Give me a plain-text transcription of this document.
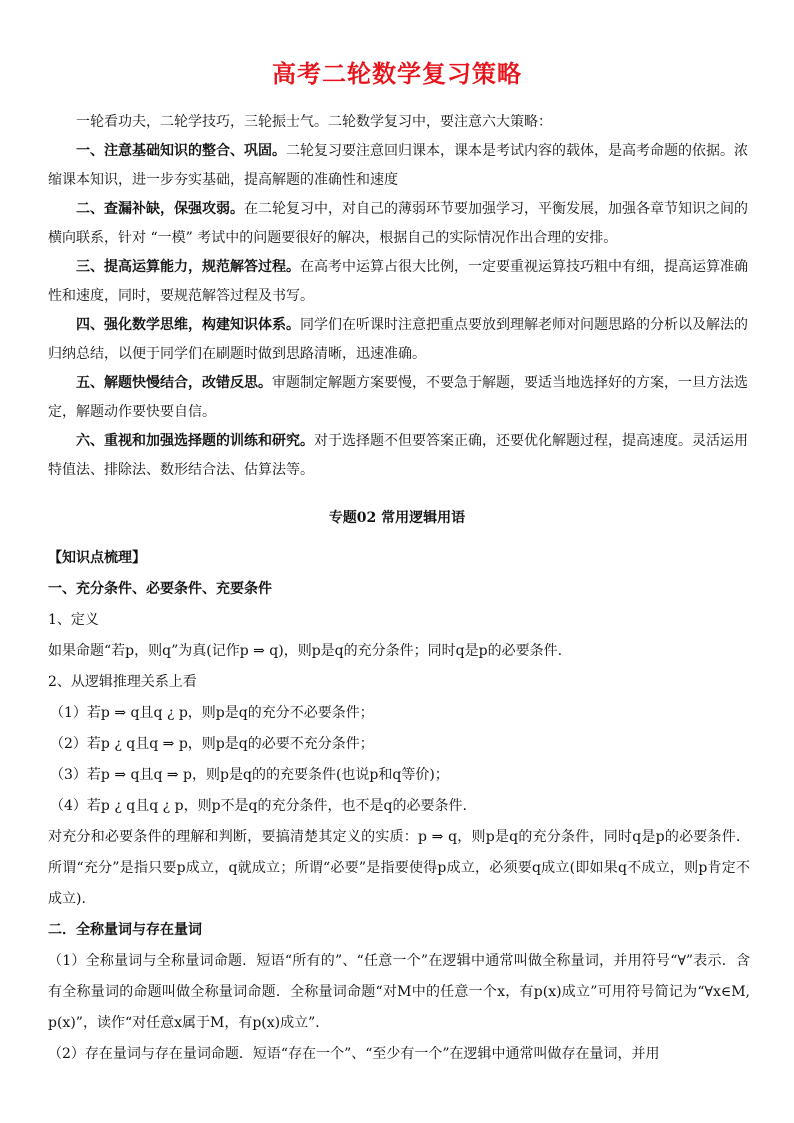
高考二轮数学复习策略

一轮看功夫，二轮学技巧，三轮振士气。二轮数学复习中，要注意六大策略：

一、注意基础知识的整合、巩固。二轮复习要注意回归课本，课本是考试内容的载体，是高考命题的依据。浓缩课本知识，进一步夯实基础，提高解题的准确性和速度

二、查漏补缺，保强攻弱。在二轮复习中，对自己的薄弱环节要加强学习，平衡发展，加强各章节知识之间的横向联系，针对 “一模” 考试中的问题要很好的解决，根据自己的实际情况作出合理的安排。

三、提高运算能力，规范解答过程。在高考中运算占很大比例，一定要重视运算技巧粗中有细，提高运算准确性和速度，同时，要规范解答过程及书写。

四、强化数学思维，构建知识体系。同学们在听课时注意把重点要放到理解老师对问题思路的分析以及解法的归纳总结，以便于同学们在刷题时做到思路清晰，迅速准确。

五、解题快慢结合，改错反思。审题制定解题方案要慢，不要急于解题，要适当地选择好的方案，一旦方法选定，解题动作要快要自信。

六、重视和加强选择题的训练和研究。对于选择题不但要答案正确，还要优化解题过程，提高速度。灵活运用特值法、排除法、数形结合法、估算法等。

专题02 常用逻辑用语

【知识点梳理】

一、充分条件、必要条件、充要条件

1、定义

如果命题“若p，则q”为真(记作p ⇒ q)，则p是q的充分条件；同时q是p的必要条件.

2、从逻辑推理关系上看

（1）若p ⇒ q且q ¿ p，则p是q的充分不必要条件；

（2）若p ¿ q且q ⇒ p，则p是q的必要不充分条件；

（3）若p ⇒ q且q ⇒ p，则p是q的的充要条件(也说p和q等价)；

（4）若p ¿ q且q ¿ p，则p不是q的充分条件，也不是q的必要条件.

对充分和必要条件的理解和判断，要搞清楚其定义的实质：p ⇒ q，则p是q的充分条件，同时q是p的必要条件．所谓“充分”是指只要p成立，q就成立；所谓“必要”是指要使得p成立，必须要q成立(即如果q不成立，则p肯定不成立).

二．全称量词与存在量词

（1）全称量词与全称量词命题．短语“所有的”、“任意一个”在逻辑中通常叫做全称量词，并用符号“∀”表示．含有全称量词的命题叫做全称量词命题．全称量词命题“对M中的任意一个x，有p(x)成立”可用符号简记为“∀x∈M, p(x)”，读作“对任意x属于M，有p(x)成立”．

（2）存在量词与存在量词命题．短语“存在一个”、“至少有一个”在逻辑中通常叫做存在量词，并用
